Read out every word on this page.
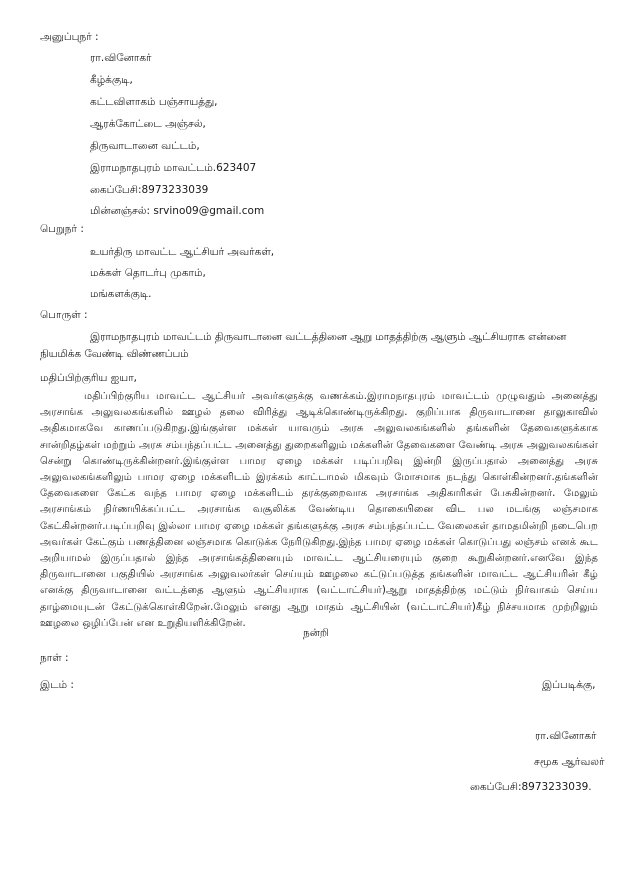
அனுப்புநர் :
ரா.வினோகர்
கீழ்க்குடி,
கட்டவிளாகம் பஞ்சாயத்து,
ஆரக்கோட்டை அஞ்சல்,
திருவாடானை வட்டம்,
இராமநாதபுரம் மாவட்டம்.623407
கைப்பேசி:8973233039
மின்னஞ்சல்: srvino09@gmail.com
பெறுநர் :
உயர்திரு மாவட்ட ஆட்சியர் அவர்கள்,
மக்கள் தொடர்பு முகாம்,
மங்களக்குடி.
பொருள் :

இராமநாதபுரம் மாவட்டம் திருவாடானை வட்டத்தினை ஆறு மாதத்திற்கு ஆளும் ஆட்சியராக என்னை நியமிக்க வேண்டி விண்ணப்பம்

மதிப்பிற்குரிய ஐயா,

மதிப்பிற்குரிய மாவட்ட ஆட்சியர் அவர்களுக்கு வணக்கம்.இராமநாதபுரம் மாவட்டம் முழுவதும் அனைத்து அரசாங்க அலுவலகங்களில் ஊழல் தலை விரித்து ஆடிக்கொண்டிருக்கிறது. குறிப்பாக திருவாடானை தாலுகாவில் அதிகமாகவே காணப்படுகிறது.இங்குள்ள மக்கள் யாவரும் அரசு அலுவலகங்களில் தங்களின் தேவைகளுக்காக சான்றிதழ்கள் மற்றும் அரசு சம்பந்தப்பட்ட அனைத்து துறைகளிலும் மக்களின் தேவைகளை வேண்டி அரசு அலுவலகங்கள் சென்று கொண்டிருக்கின்றனர்.இங்குள்ள பாமர ஏழை மக்கள் படிப்பறிவு இன்றி இருப்பதால் அனைத்து அரசு அலுவலகங்களிலும் பாமர ஏழை மக்களிடம் இரக்கம் காட்டாமல் மிகவும் மோசமாக நடந்து கொள்கின்றனர்.தங்களின் தேவைகளை கேட்க வந்த பாமர ஏழை மக்களிடம் தரக்குறைவாக அரசாங்க அதிகாரிகள் பேசுகின்றனர். மேலும் அரசாங்கம் நிர்ணயிக்கப்பட்ட அரசாங்க வசூலிக்க வேண்டிய தொகையினை விட பல மடங்கு லஞ்சமாக கேட்கின்றனர்.படிப்பறிவு இல்லா பாமர ஏழை மக்கள் தங்களுக்கு அரசு சம்பந்தப்பட்ட வேலைகள் தாமதமின்றி நடைபெற அவர்கள் கேட்கும் பணத்தினை லஞ்சமாக கொடுக்க நேரிடுகிறது.இந்த பாமர ஏழை மக்கள் கொடுப்பது லஞ்சம் எனக் கூட அறியாமல் இருப்பதால் இந்த அரசாங்கத்தினையும் மாவட்ட ஆட்சியரையும் குறை கூறுகின்றனர்.எனவே இந்த திருவாடானை பகுதியில் அரசாங்க அலுவலர்கள் செய்யும் ஊழலை கட்டுப்படுத்த தங்களின் மாவட்ட ஆட்சியரின் கீழ் எனக்கு திருவாடானை வட்டத்தை ஆளும் ஆட்சியராக (வட்டாட்சியர்)ஆறு மாதத்திற்கு மட்டும் நிர்வாகம் செய்ய தாழ்மையுடன் கேட்டுக்கொள்கிறேன்.மேலும் எனது ஆறு மாதம் ஆட்சியின் (வட்டாட்சியர்)கீழ் நிச்சயமாக முற்றிலும் ஊழலை ஒழிப்பேன் என உறுதியளிக்கிறேன்.

நன்றி
நாள் :
இடம் :	இப்படிக்கு,
ரா.வினோகர்
சமூக ஆர்வலர்
கைப்பேசி:8973233039.
